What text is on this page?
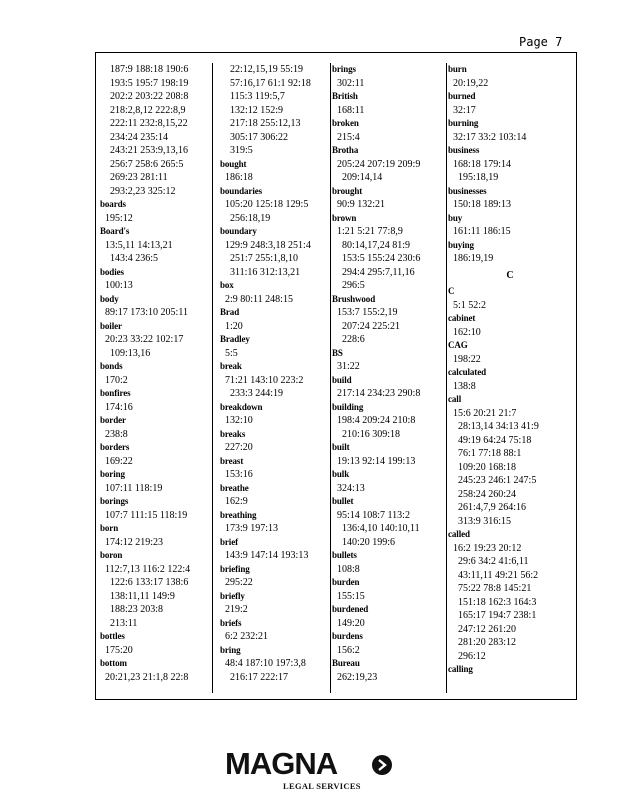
Page 7
187:9 188:18 190:6
193:5 195:7 198:19
202:2 203:22 208:8
218:2,8,12 222:8,9
222:11 232:8,15,22
234:24 235:14
243:21 253:9,13,16
256:7 258:6 265:5
269:23 281:11
293:2,23 325:12
boards
195:12
Board's
13:5,11 14:13,21
143:4 236:5
bodies
100:13
body
89:17 173:10 205:11
boiler
20:23 33:22 102:17
109:13,16
bonds
170:2
bonfires
174:16
border
238:8
borders
169:22
boring
107:11 118:19
borings
107:7 111:15 118:19
born
174:12 219:23
boron
112:7,13 116:2 122:4
122:6 133:17 138:6
138:11,11 149:9
188:23 203:8
213:11
bottles
175:20
bottom
20:21,23 21:1,8 22:8
22:12,15,19 55:19
57:16,17 61:1 92:18
115:3 119:5,7
132:12 152:9
217:18 255:12,13
305:17 306:22
319:5
bought
186:18
boundaries
105:20 125:18 129:5
256:18,19
boundary
129:9 248:3,18 251:4
251:7 255:1,8,10
311:16 312:13,21
box
2:9 80:11 248:15
Brad
1:20
Bradley
5:5
break
71:21 143:10 223:2
233:3 244:19
breakdown
132:10
breaks
227:20
breast
153:16
breathe
162:9
breathing
173:9 197:13
brief
143:9 147:14 193:13
briefing
295:22
briefly
219:2
briefs
6:2 232:21
bring
48:4 187:10 197:3,8
216:17 222:17
brings
302:11
British
168:11
broken
215:4
Brotha
205:24 207:19 209:9
209:14,14
brought
90:9 132:21
brown
1:21 5:21 77:8,9
80:14,17,24 81:9
153:5 155:24 230:6
294:4 295:7,11,16
296:5
Brushwood
153:7 155:2,19
207:24 225:21
228:6
BS
31:22
build
217:14 234:23 290:8
building
198:4 209:24 210:8
210:16 309:18
built
19:13 92:14 199:13
bulk
324:13
bullet
95:14 108:7 113:2
136:4,10 140:10,11
140:20 199:6
bullets
108:8
burden
155:15
burdened
149:20
burdens
156:2
Bureau
262:19,23
burn
20:19,22
burned
32:17
burning
32:17 33:2 103:14
business
168:18 179:14
195:18,19
businesses
150:18 189:13
buy
161:11 186:15
buying
186:19,19
C
C
5:1 52:2
cabinet
162:10
CAG
198:22
calculated
138:8
call
15:6 20:21 21:7
28:13,14 34:13 41:9
49:19 64:24 75:18
76:1 77:18 88:1
109:20 168:18
245:23 246:1 247:5
258:24 260:24
261:4,7,9 264:16
313:9 316:15
called
16:2 19:23 20:12
29:6 34:2 41:6,11
43:11,11 49:21 56:2
75:22 78:8 145:21
151:18 162:3 164:3
165:17 194:7 238:1
247:12 261:20
281:20 283:12
296:12
calling
MAGNA
LEGAL SERVICES
